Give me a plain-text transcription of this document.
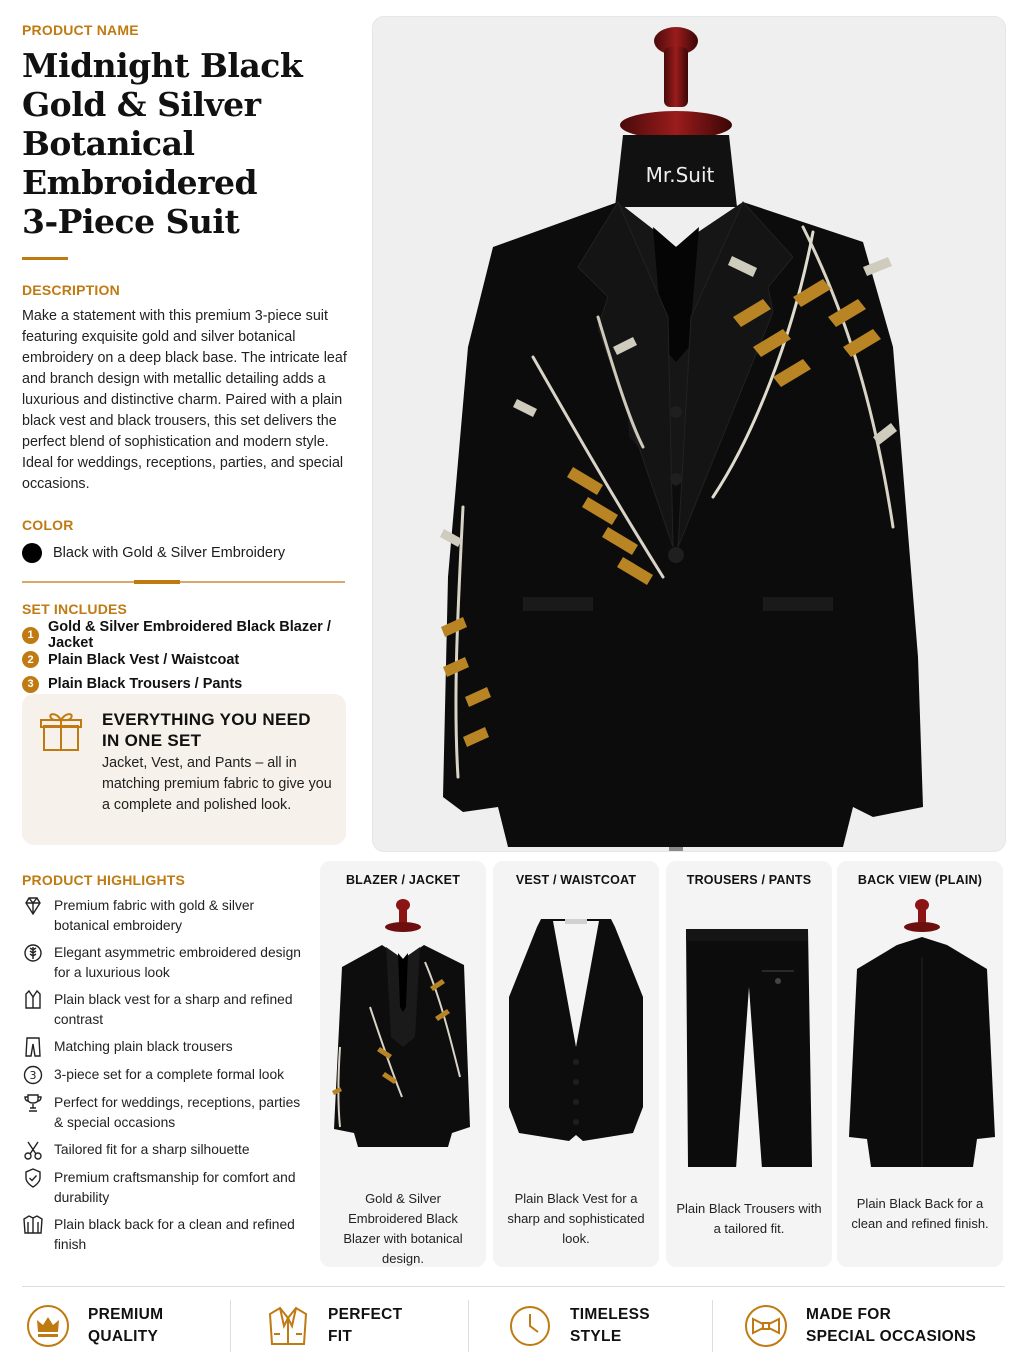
PRODUCT NAME
Midnight Black
Gold & Silver
Botanical Embroidered
3-Piece Suit
DESCRIPTION

Make a statement with this premium 3-piece suit featuring exquisite gold and silver botanical embroidery on a deep black base. The intricate leaf and branch design with metallic detailing adds a luxurious and distinctive charm. Paired with a plain black vest and black trousers, this set delivers the perfect blend of sophistication and modern style. Ideal for weddings, receptions, parties, and special occasions.

COLOR
Black with Gold & Silver Embroidery
SET INCLUDES
1 Gold & Silver Embroidered Black Blazer / Jacket
2 Plain Black Vest / Waistcoat
3 Plain Black Trousers / Pants
EVERYTHING YOU NEED IN ONE SET
Jacket, Vest, and Pants – all in matching premium fabric to give you a complete and polished look.
Mr.Suit
PRODUCT HIGHLIGHTS
Premium fabric with gold & silver botanical embroidery
Elegant asymmetric embroidered design for a luxurious look
Plain black vest for a sharp and refined contrast
Matching plain black trousers
3 3-piece set for a complete formal look
Perfect for weddings, receptions, parties & special occasions
Tailored fit for a sharp silhouette
Premium craftsmanship for comfort and durability
Plain black back for a clean and refined finish
BLAZER / JACKET
Gold & Silver Embroidered Black Blazer with botanical design.
VEST / WAISTCOAT
Plain Black Vest for a sharp and sophisticated look.
TROUSERS / PANTS
Plain Black Trousers with a tailored fit.
BACK VIEW (PLAIN)
Plain Black Back for a clean and refined finish.
PREMIUM
QUALITY
PERFECT
FIT
TIMELESS
STYLE
MADE FOR
SPECIAL OCCASIONS
